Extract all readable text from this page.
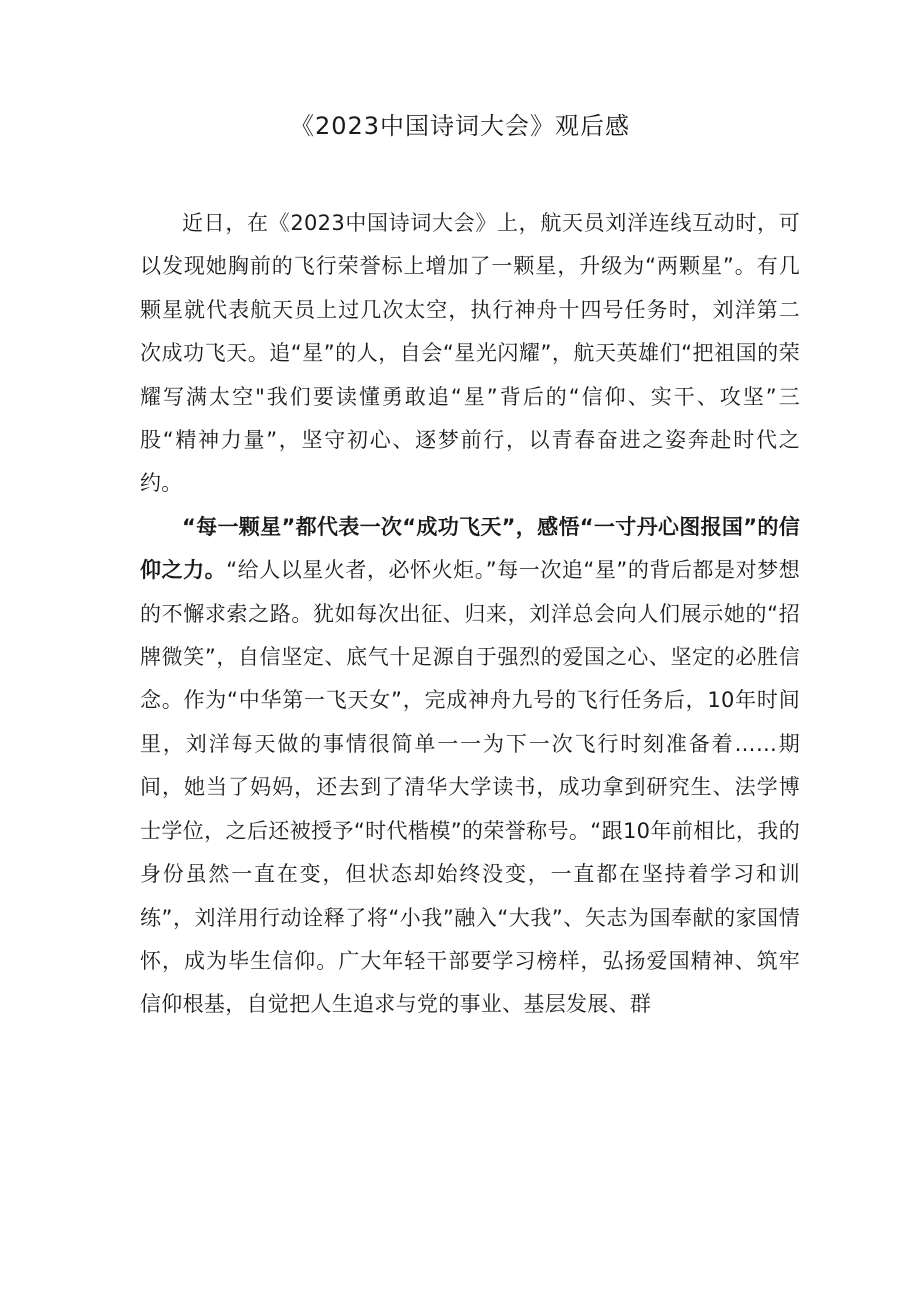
《2023中国诗词大会》观后感

近日，在《2023中国诗词大会》上，航天员刘洋连线互动时，可以发现她胸前的飞行荣誉标上增加了一颗星，升级为“两颗星”。有几颗星就代表航天员上过几次太空，执行神舟十四号任务时，刘洋第二次成功飞天。追“星”的人，自会“星光闪耀”，航天英雄们“把祖国的荣耀写满太空"我们要读懂勇敢追“星”背后的“信仰、实干、攻坚”三股“精神力量”，坚守初心、逐梦前行，以青春奋进之姿奔赴时代之约。

“每一颗星”都代表一次“成功飞天”，感悟“一寸丹心图报国”的信仰之力。“给人以星火者，必怀火炬。”每一次追“星”的背后都是对梦想的不懈求索之路。犹如每次出征、归来，刘洋总会向人们展示她的“招牌微笑”，自信坚定、底气十足源自于强烈的爱国之心、坚定的必胜信念。作为“中华第一飞天女”，完成神舟九号的飞行任务后，10年时间里，刘洋每天做的事情很简单一一为下一次飞行时刻准备着……期间，她当了妈妈，还去到了清华大学读书，成功拿到研究生、法学博士学位，之后还被授予“时代楷模”的荣誉称号。“跟10年前相比，我的身份虽然一直在变，但状态却始终没变，一直都在坚持着学习和训练”，刘洋用行动诠释了将“小我”融入“大我”、矢志为国奉献的家国情怀，成为毕生信仰。广大年轻干部要学习榜样，弘扬爱国精神、筑牢信仰根基，自觉把人生追求与党的事业、基层发展、群
